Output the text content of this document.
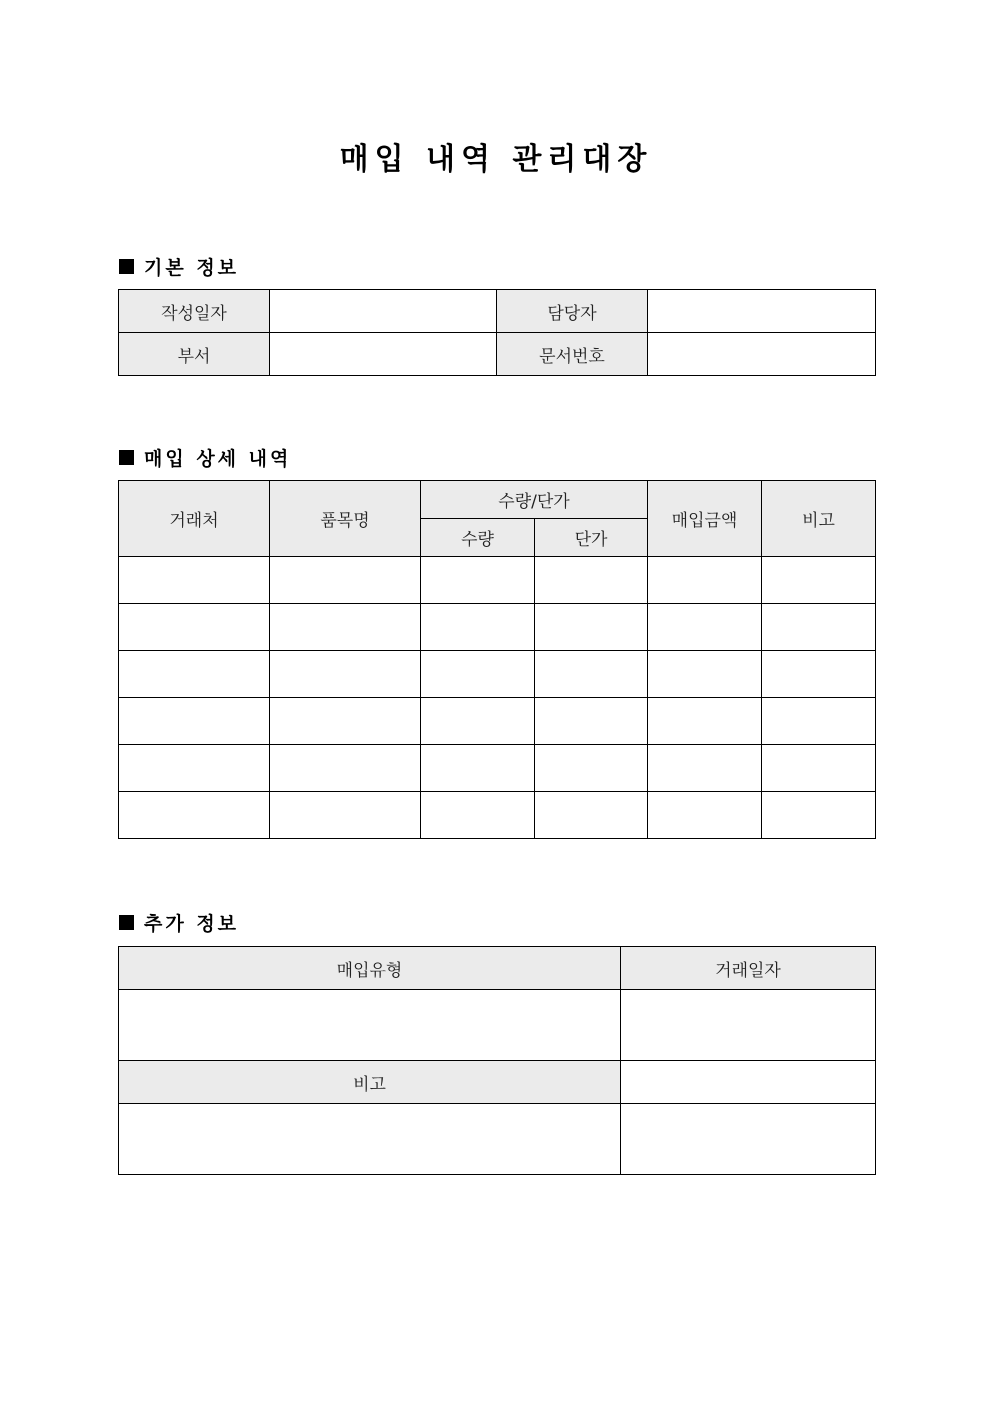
매입 내역 관리대장
기본 정보
작성일자		담당자	
부서		문서번호	
매입 상세 내역
거래처	품목명	수량/단가		매입금액	비고
		수량	단가		

추가 정보
매입유형	거래일자

비고	
